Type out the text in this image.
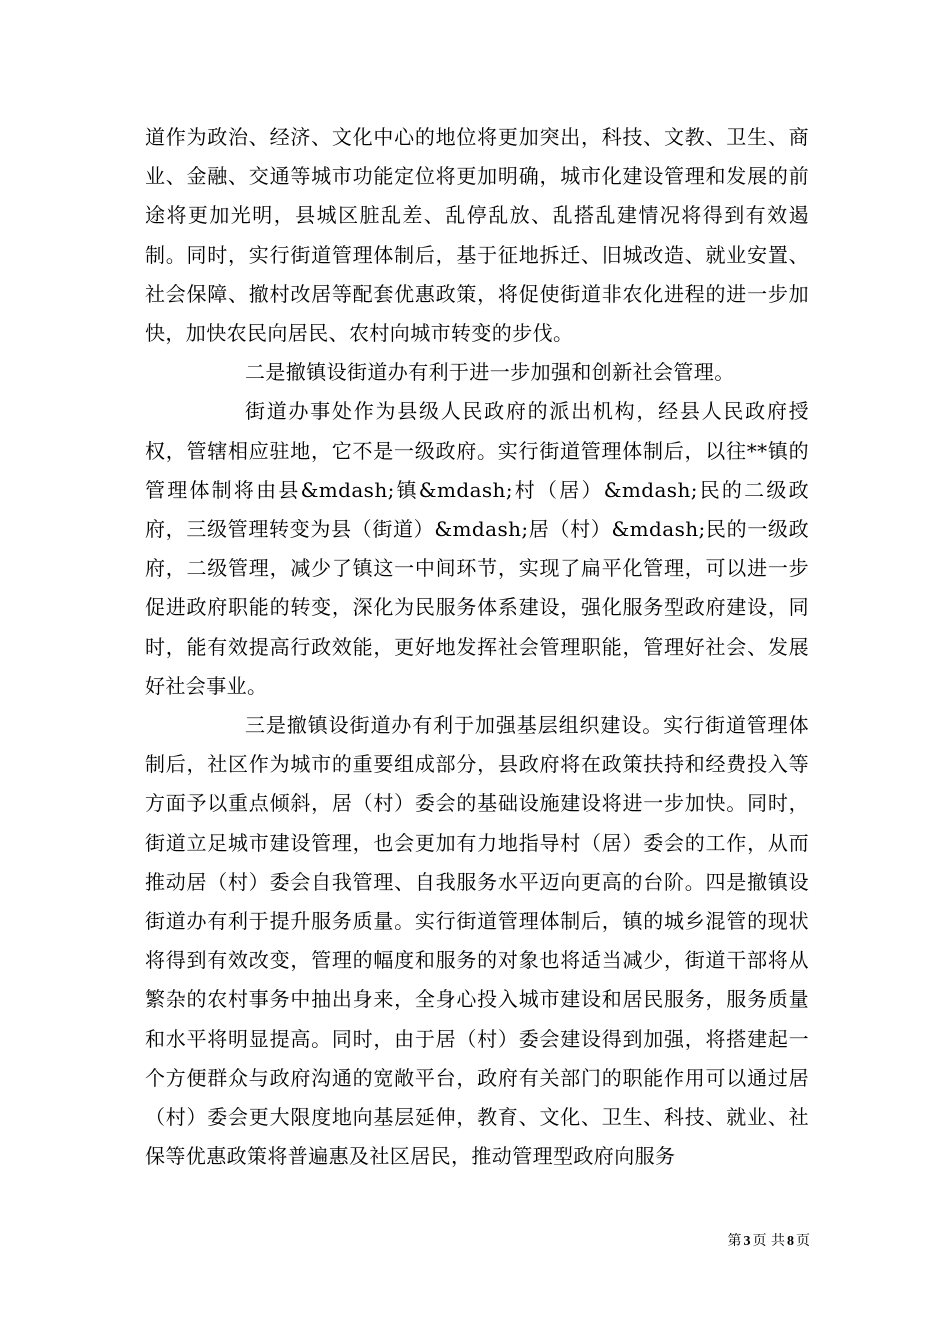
道作为政治、经济、文化中心的地位将更加突出，科技、文教、卫生、商业、金融、交通等城市功能定位将更加明确，城市化建设管理和发展的前途将更加光明，县城区脏乱差、乱停乱放、乱搭乱建情况将得到有效遏制。同时，实行街道管理体制后，基于征地拆迁、旧城改造、就业安置、社会保障、撤村改居等配套优惠政策，将促使街道非农化进程的进一步加快，加快农民向居民、农村向城市转变的步伐。

二是撤镇设街道办有利于进一步加强和创新社会管理。

街道办事处作为县级人民政府的派出机构，经县人民政府授权，管辖相应驻地，它不是一级政府。实行街道管理体制后，以往**镇的管理体制将由县&mdash;镇&mdash;村（居）&mdash;民的二级政府，三级管理转变为县（街道）&mdash;居（村）&mdash;民的一级政府，二级管理，减少了镇这一中间环节，实现了扁平化管理，可以进一步促进政府职能的转变，深化为民服务体系建设，强化服务型政府建设，同时，能有效提高行政效能，更好地发挥社会管理职能，管理好社会、发展好社会事业。

三是撤镇设街道办有利于加强基层组织建设。实行街道管理体制后，社区作为城市的重要组成部分，县政府将在政策扶持和经费投入等方面予以重点倾斜，居（村）委会的基础设施建设将进一步加快。同时，街道立足城市建设管理，也会更加有力地指导村（居）委会的工作，从而推动居（村）委会自我管理、自我服务水平迈向更高的台阶。四是撤镇设街道办有利于提升服务质量。实行街道管理体制后，镇的城乡混管的现状将得到有效改变，管理的幅度和服务的对象也将适当减少，街道干部将从繁杂的农村事务中抽出身来，全身心投入城市建设和居民服务，服务质量和水平将明显提高。同时，由于居（村）委会建设得到加强，将搭建起一个方便群众与政府沟通的宽敞平台，政府有关部门的职能作用可以通过居（村）委会更大限度地向基层延伸，教育、文化、卫生、科技、就业、社保等优惠政策将普遍惠及社区居民，推动管理型政府向服务

第 3 页 共 8 页
